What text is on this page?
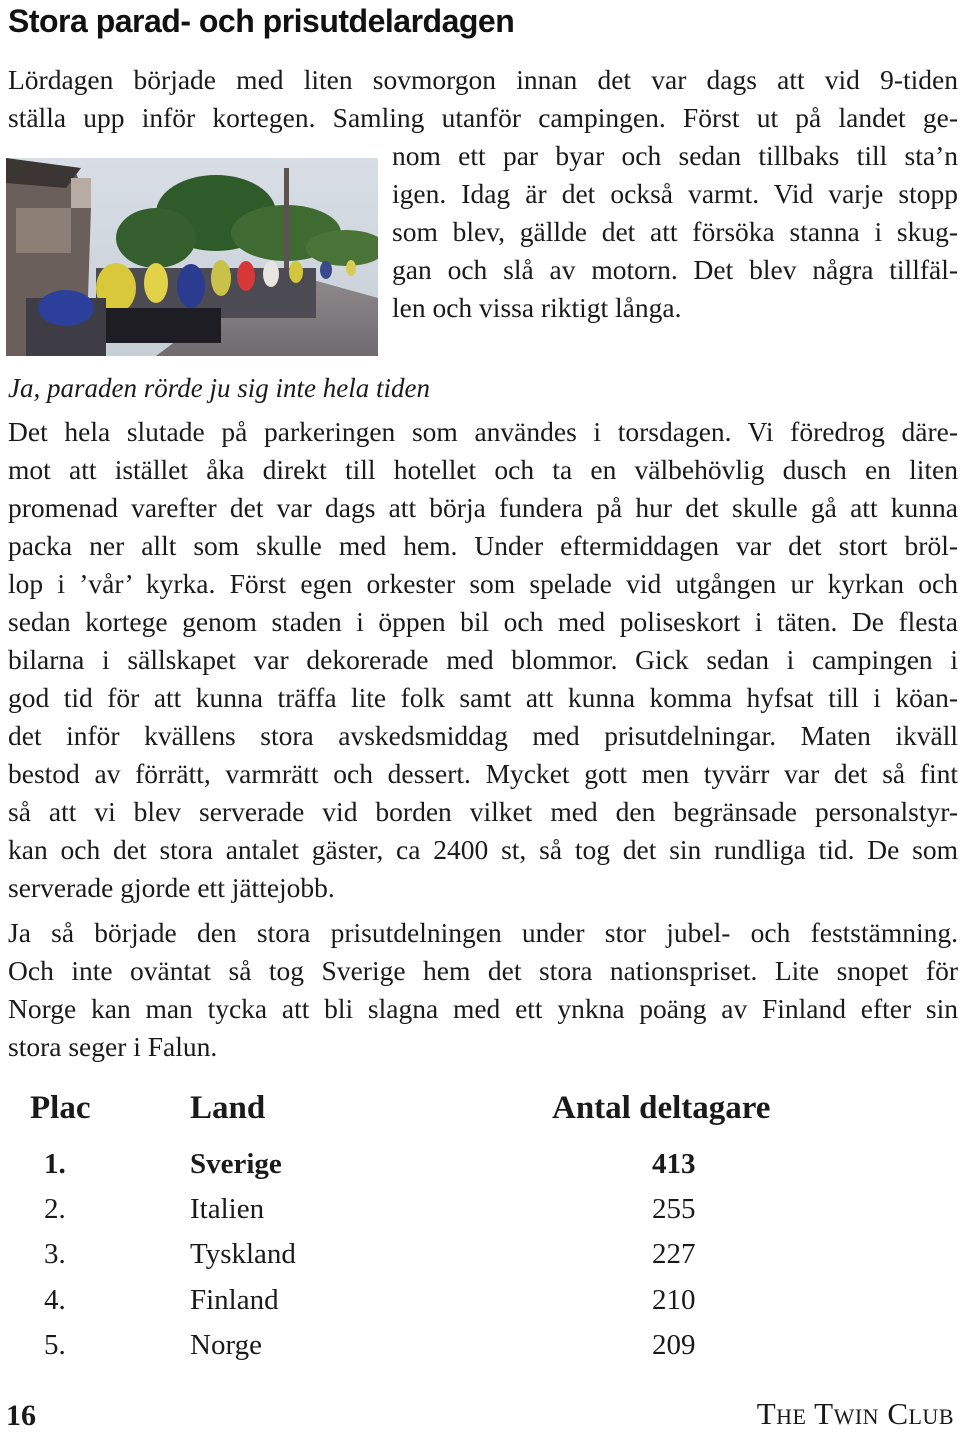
Stora parad- och prisutdelardagen
Lördagen började med liten sovmorgon innan det var dags att vid 9-tiden
ställa upp inför kortegen. Samling utanför campingen. Först ut på landet ge-
nom ett par byar och sedan tillbaks till sta’n
igen. Idag är det också varmt. Vid varje stopp
som blev, gällde det att försöka stanna i skug-
gan och slå av motorn. Det blev några tillfäl-
len och vissa riktigt långa.
Ja, paraden rörde ju sig inte hela tiden
Det hela slutade på parkeringen som användes i torsdagen. Vi föredrog däre-
mot att istället åka direkt till hotellet och ta en välbehövlig dusch en liten
promenad varefter det var dags att börja fundera på hur det skulle gå att kunna
packa ner allt som skulle med hem. Under eftermiddagen var det stort bröl-
lop i ’vår’ kyrka. Först egen orkester som spelade vid utgången ur kyrkan och
sedan kortege genom staden i öppen bil och med poliseskort i täten. De flesta
bilarna i sällskapet var dekorerade med blommor. Gick sedan i campingen i
god tid för att kunna träffa lite folk samt att kunna komma hyfsat till i köan-
det inför kvällens stora avskedsmiddag med prisutdelningar. Maten ikväll
bestod av förrätt, varmrätt och dessert. Mycket gott men tyvärr var det så fint
så att vi blev serverade vid borden vilket med den begränsade personalstyr-
kan och det stora antalet gäster, ca 2400 st, så tog det sin rundliga tid. De som
serverade gjorde ett jättejobb.
Ja så började den stora prisutdelningen under stor jubel- och feststämning.
Och inte oväntat så tog Sverige hem det stora nationspriset. Lite snopet för
Norge kan man tycka att bli slagna med ett ynkna poäng av Finland efter sin
stora seger i Falun.
Plac	Land	Antal deltagare
1.	Sverige	413
2.	Italien	255
3.	Tyskland	227
4.	Finland	210
5.	Norge	209
16	The Twin Club
